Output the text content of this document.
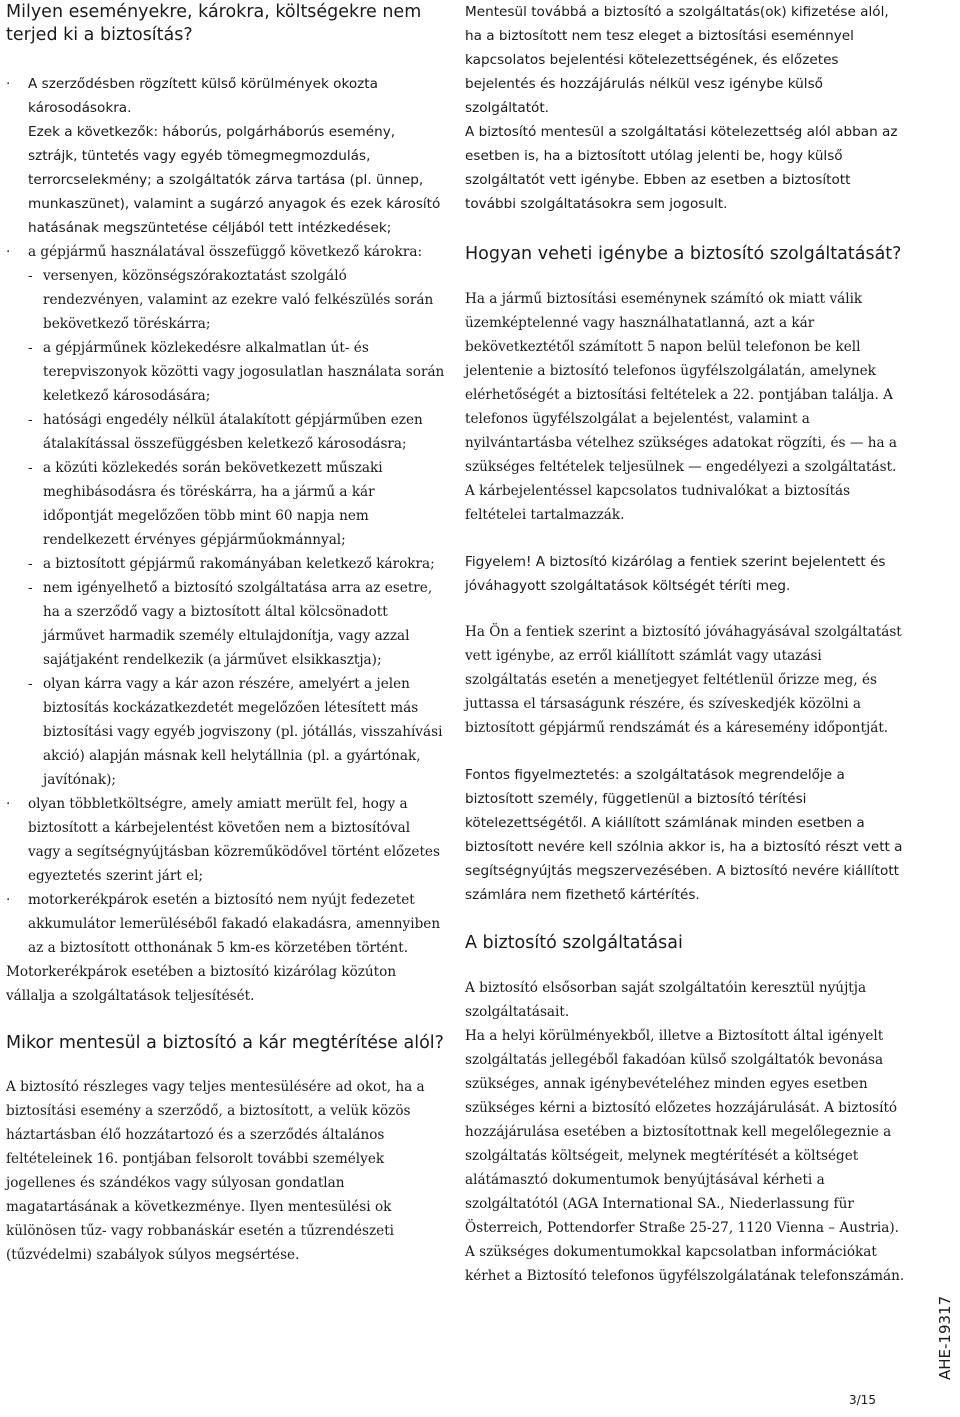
Milyen eseményekre, károkra, költségekre nem terjed ki a biztosítás?
· A szerződésben rögzített külső körülmények okozta károsodásokra.
Ezek a következők: háborús, polgárháborús esemény, sztrájk, tüntetés vagy egyéb tömegmegmozdulás, terrorcselekmény; a szolgáltatók zárva tartása (pl. ünnep, munkaszünet), valamint a sugárzó anyagok és ezek károsító hatásának megszüntetése céljából tett intézkedések;
· a gépjármű használatával összefüggő következő károkra:
- versenyen, közönségszórakoztatást szolgáló rendezvényen, valamint az ezekre való felkészülés során bekövetkező töréskárra;
- a gépjárműnek közlekedésre alkalmatlan út- és terepviszonyok közötti vagy jogosulatlan használata során keletkező károsodására;
- hatósági engedély nélkül átalakított gépjárműben ezen átalakítással összefüggésben keletkező károsodásra;
- a közúti közlekedés során bekövetkezett műszaki meghibásodásra és töréskárra, ha a jármű a kár időpontját megelőzően több mint 60 napja nem rendelkezett érvényes gépjárműokmánnyal;
- a biztosított gépjármű rakományában keletkező károkra;
- nem igényelhető a biztosító szolgáltatása arra az esetre, ha a szerződő vagy a biztosított által kölcsönadott járművet harmadik személy eltulajdonítja, vagy azzal sajátjaként rendelkezik (a járművet elsikkasztja);
- olyan kárra vagy a kár azon részére, amelyért a jelen biztosítás kockázatkezdetét megelőzően létesített más biztosítási vagy egyéb jogviszony (pl. jótállás, visszahívási akció) alapján másnak kell helytállnia (pl. a gyártónak, javítónak);
· olyan többletköltségre, amely amiatt merült fel, hogy a biztosított a kárbejelentést követően nem a biztosítóval vagy a segítségnyújtásban közreműködővel történt előzetes egyeztetés szerint járt el;
· motorkerékpárok esetén a biztosító nem nyújt fedezetet akkumulátor lemerüléséből fakadó elakadásra, amennyiben az a biztosított otthonának 5 km-es körzetében történt.

Motorkerékpárok esetében a biztosító kizárólag közúton vállalja a szolgáltatások teljesítését.

Mikor mentesül a biztosító a kár megtérítése alól?

A biztosító részleges vagy teljes mentesülésére ad okot, ha a biztosítási esemény a szerződő, a biztosított, a velük közös háztartásban élő hozzátartozó és a szerződés általános feltételeinek 16. pontjában felsorolt további személyek jogellenes és szándékos vagy súlyosan gondatlan magatartásának a következménye. Ilyen mentesülési ok különösen tűz- vagy robbanáskár esetén a tűzrendészeti (tűzvédelmi) szabályok súlyos megsértése.

Mentesül továbbá a biztosító a szolgáltatás(ok) kifizetése alól, ha a biztosított nem tesz eleget a biztosítási eseménnyel kapcsolatos bejelentési kötelezettségének, és előzetes bejelentés és hozzájárulás nélkül vesz igénybe külső szolgáltatót.

A biztosító mentesül a szolgáltatási kötelezettség alól abban az esetben is, ha a biztosított utólag jelenti be, hogy külső szolgáltatót vett igénybe. Ebben az esetben a biztosított további szolgáltatásokra sem jogosult.

Hogyan veheti igénybe a biztosító szolgáltatását?

Ha a jármű biztosítási eseménynek számító ok miatt válik üzemképtelenné vagy használhatatlanná, azt a kár bekövetkeztétől számított 5 napon belül telefonon be kell jelentenie a biztosító telefonos ügyfélszolgálatán, amelynek elérhetőségét a biztosítási feltételek a 22. pontjában találja. A telefonos ügyfélszolgálat a bejelentést, valamint a nyilvántartásba vételhez szükséges adatokat rögzíti, és — ha a szükséges feltételek teljesülnek — engedélyezi a szolgáltatást. A kárbejelentéssel kapcsolatos tudnivalókat a biztosítás feltételei tartalmazzák.

Figyelem! A biztosító kizárólag a fentiek szerint bejelentett és jóváhagyott szolgáltatások költségét téríti meg.

Ha Ön a fentiek szerint a biztosító jóváhagyásával szolgáltatást vett igénybe, az erről kiállított számlát vagy utazási szolgáltatás esetén a menetjegyet feltétlenül őrizze meg, és juttassa el társaságunk részére, és szíveskedjék közölni a biztosított gépjármű rendszámát és a káresemény időpontját.

Fontos figyelmeztetés: a szolgáltatások megrendelője a biztosított személy, függetlenül a biztosító térítési kötelezettségétől. A kiállított számlának minden esetben a biztosított nevére kell szólnia akkor is, ha a biztosító részt vett a segítségnyújtás megszervezésében. A biztosító nevére kiállított számlára nem fizethető kártérítés.

A biztosító szolgáltatásai

A biztosító elsősorban saját szolgáltatóin keresztül nyújtja szolgáltatásait.

Ha a helyi körülményekből, illetve a Biztosított által igényelt szolgáltatás jellegéből fakadóan külső szolgáltatók bevonása szükséges, annak igénybevételéhez minden egyes esetben szükséges kérni a biztosító előzetes hozzájárulását. A biztosító hozzájárulása esetében a biztosítottnak kell megelőlegeznie a szolgáltatás költségeit, melynek megtérítését a költséget alátámasztó dokumentumok benyújtásával kérheti a szolgáltatótól (AGA International SA., Niederlassung für Österreich, Pottendorfer Straße 25-27, 1120 Vienna – Austria).

A szükséges dokumentumokkal kapcsolatban információkat kérhet a Biztosító telefonos ügyfélszolgálatának telefonszámán.

AHE-19317
3/15
